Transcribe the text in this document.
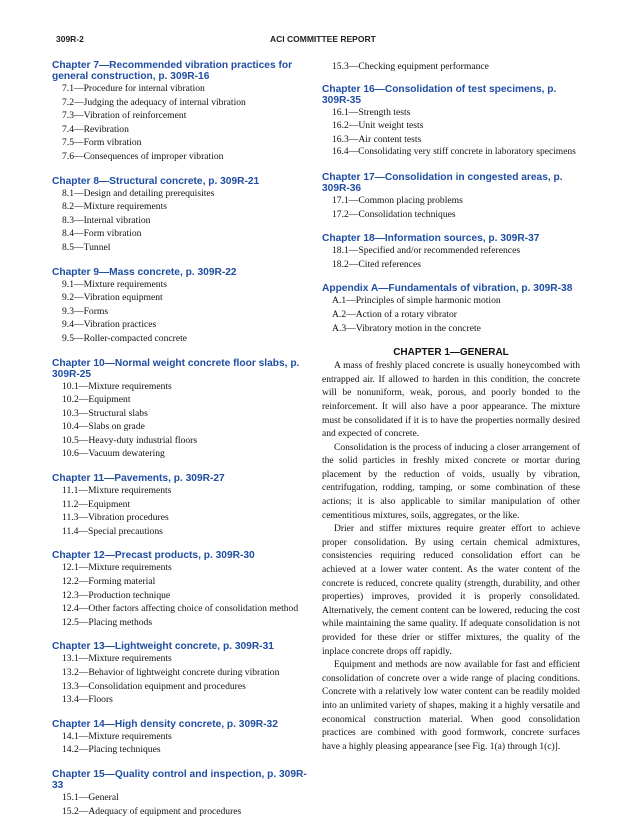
309R-2	ACI COMMITTEE REPORT
Chapter 7—Recommended vibration practices for general construction, p. 309R-16
7.1—Procedure for internal vibration
7.2—Judging the adequacy of internal vibration
7.3—Vibration of reinforcement
7.4—Revibration
7.5—Form vibration
7.6—Consequences of improper vibration
Chapter 8—Structural concrete, p. 309R-21
8.1—Design and detailing prerequisites
8.2—Mixture requirements
8.3—Internal vibration
8.4—Form vibration
8.5—Tunnel
Chapter 9—Mass concrete, p. 309R-22
9.1—Mixture requirements
9.2—Vibration equipment
9.3—Forms
9.4—Vibration practices
9.5—Roller-compacted concrete
Chapter 10—Normal weight concrete floor slabs, p. 309R-25
10.1—Mixture requirements
10.2—Equipment
10.3—Structural slabs
10.4—Slabs on grade
10.5—Heavy-duty industrial floors
10.6—Vacuum dewatering
Chapter 11—Pavements, p. 309R-27
11.1—Mixture requirements
11.2—Equipment
11.3—Vibration procedures
11.4—Special precautions
Chapter 12—Precast products, p. 309R-30
12.1—Mixture requirements
12.2—Forming material
12.3—Production technique
12.4—Other factors affecting choice of consolidation method
12.5—Placing methods
Chapter 13—Lightweight concrete, p. 309R-31
13.1—Mixture requirements
13.2—Behavior of lightweight concrete during vibration
13.3—Consolidation equipment and procedures
13.4—Floors
Chapter 14—High density concrete, p. 309R-32
14.1—Mixture requirements
14.2—Placing techniques
Chapter 15—Quality control and inspection, p. 309R-33
15.1—General
15.2—Adequacy of equipment and procedures
15.3—Checking equipment performance
Chapter 16—Consolidation of test specimens, p. 309R-35
16.1—Strength tests
16.2—Unit weight tests
16.3—Air content tests
16.4—Consolidating very stiff concrete in laboratory specimens
Chapter 17—Consolidation in congested areas, p. 309R-36
17.1—Common placing problems
17.2—Consolidation techniques
Chapter 18—Information sources, p. 309R-37
18.1—Specified and/or recommended references
18.2—Cited references
Appendix A—Fundamentals of vibration, p. 309R-38
A.1—Principles of simple harmonic motion
A.2—Action of a rotary vibrator
A.3—Vibratory motion in the concrete
CHAPTER 1—GENERAL

A mass of freshly placed concrete is usually honeycombed with entrapped air. If allowed to harden in this condition, the concrete will be nonuniform, weak, porous, and poorly bonded to the reinforcement. It will also have a poor appearance. The mixture must be consolidated if it is to have the properties normally desired and expected of concrete.

Consolidation is the process of inducing a closer arrangement of the solid particles in freshly mixed concrete or mortar during placement by the reduction of voids, usually by vibration, centrifugation, rodding, tamping, or some combination of these actions; it is also applicable to similar manipulation of other cementitious mixtures, soils, aggregates, or the like.

Drier and stiffer mixtures require greater effort to achieve proper consolidation. By using certain chemical admixtures, consistencies requiring reduced consolidation effort can be achieved at a lower water content. As the water content of the concrete is reduced, concrete quality (strength, durability, and other properties) improves, provided it is properly consolidated. Alternatively, the cement content can be lowered, reducing the cost while maintaining the same quality. If adequate consolidation is not provided for these drier or stiffer mixtures, the quality of the inplace concrete drops off rapidly.

Equipment and methods are now available for fast and efficient consolidation of concrete over a wide range of placing conditions. Concrete with a relatively low water content can be readily molded into an unlimited variety of shapes, making it a highly versatile and economical construction material. When good consolidation practices are combined with good formwork, concrete surfaces have a highly pleasing appearance [see Fig. 1(a) through 1(c)].
